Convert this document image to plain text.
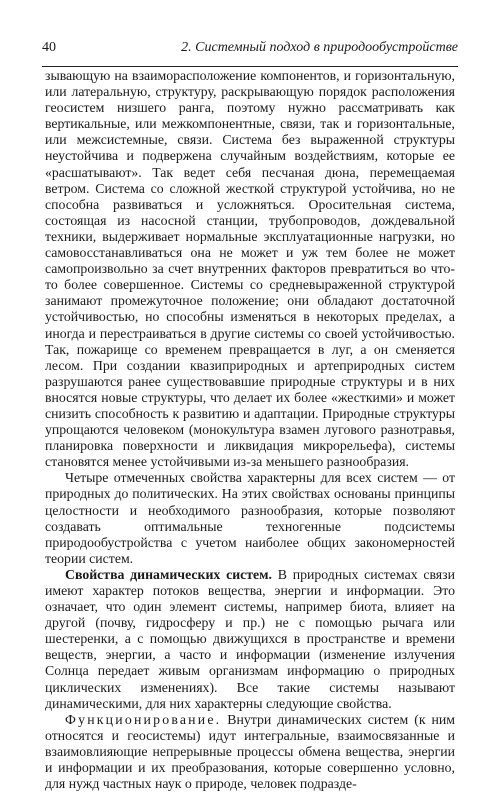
40	2. Системный подход в природообустройстве

зывающую на взаиморасположение компонентов, и горизонтальную, или латеральную, структуру, раскрывающую порядок расположения геосистем низшего ранга, поэтому нужно рассматривать как вертикальные, или межкомпонентные, связи, так и горизонтальные, или межсистемные, связи. Система без выраженной структуры неустойчива и подвержена случайным воздействиям, которые ее «расшатывают». Так ведет себя песчаная дюна, перемещаемая ветром. Система со сложной жесткой структурой устойчива, но не способна развиваться и усложняться. Оросительная система, состоящая из насосной станции, трубопроводов, дождевальной техники, выдерживает нормальные эксплуатационные нагрузки, но самовосстанавливаться она не может и уж тем более не может самопроизвольно за счет внутренних факторов превратиться во что-то более совершенное. Системы со средневыраженной структурой занимают промежуточное положение; они обладают достаточной устойчивостью, но способны изменяться в некоторых пределах, а иногда и перестраиваться в другие системы со своей устойчивостью. Так, пожарище со временем превращается в луг, а он сменяется лесом. При создании квазиприродных и артеприродных систем разрушаются ранее существовавшие природные структуры и в них вносятся новые структуры, что делает их более «жесткими» и может снизить способность к развитию и адаптации. Природные структуры упрощаются человеком (монокультура взамен лугового разнотравья, планировка поверхности и ликвидация микрорельефа), системы становятся менее устойчивыми из-за меньшего разнообразия.

Четыре отмеченных свойства характерны для всех систем — от природных до политических. На этих свойствах основаны принципы целостности и необходимого разнообразия, которые позволяют создавать оптимальные техногенные подсистемы природообустройства с учетом наиболее общих закономерностей теории систем.

Свойства динамических систем. В природных системах связи имеют характер потоков вещества, энергии и информации. Это означает, что один элемент системы, например биота, влияет на другой (почву, гидросферу и пр.) не с помощью рычага или шестеренки, а с помощью движущихся в пространстве и времени веществ, энергии, а часто и информации (изменение излучения Солнца передает живым организмам информацию о природных циклических изменениях). Все такие системы называют динамическими, для них характерны следующие свойства.

Функционирование. Внутри динамических систем (к ним относятся и геосистемы) идут интегральные, взаимосвязанные и взаимовлияющие непрерывные процессы обмена вещества, энергии и информации и их преобразования, которые совершенно условно, для нужд частных наук о природе, человек подразде-
